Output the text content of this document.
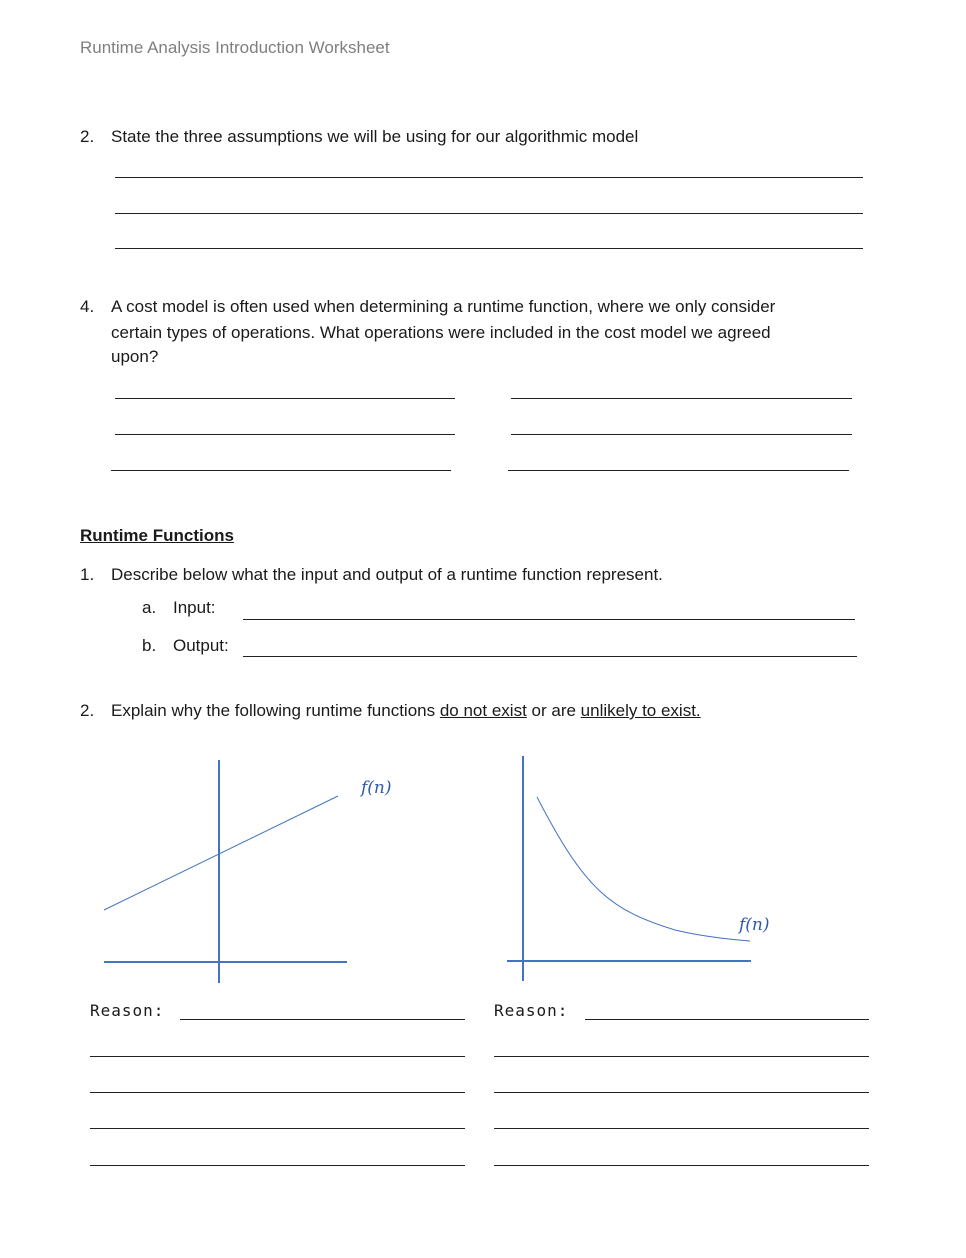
Runtime Analysis Introduction Worksheet
2. State the three assumptions we will be using for our algorithmic model
4. A cost model is often used when determining a runtime function, where we only consider
certain types of operations. What operations were included in the cost model we agreed
upon?
Runtime Functions
1. Describe below what the input and output of a runtime function represent.
a. Input:
b. Output:
2. Explain why the following runtime functions do not exist or are unlikely to exist.
f(n)
f(n)
Reason:	Reason:
